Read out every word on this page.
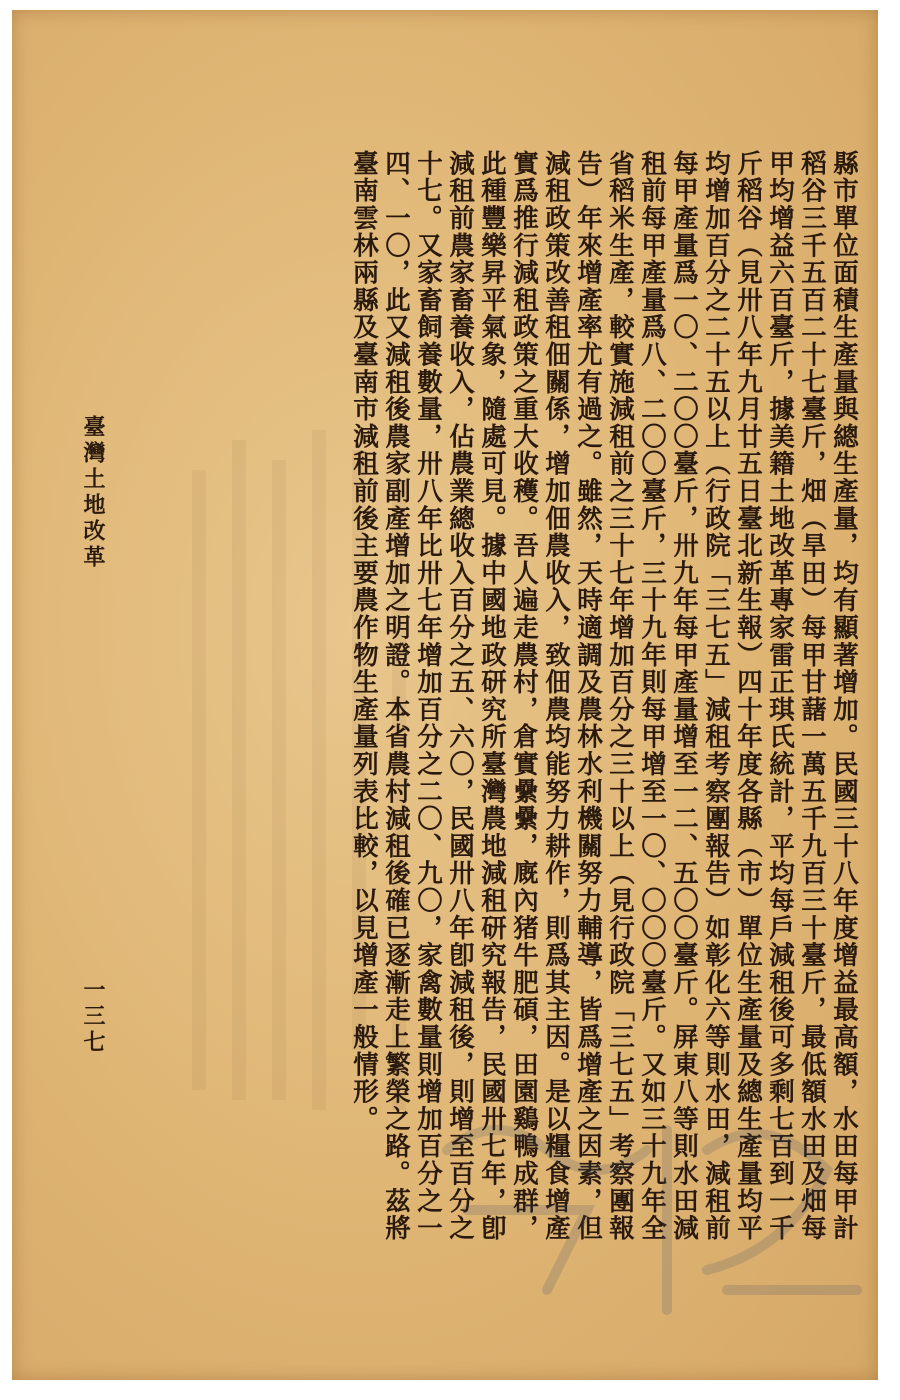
縣市單位面積生產量與總生產量，均有顯著增加。民國三十八年度增益最高額，水田每甲計稻谷三千五百二十七臺斤，畑（旱田）每甲甘藷一萬五千九百三十臺斤，最低額水田及畑每甲均增益六百臺斤，據美籍土地改革專家雷正琪氏統計，平均每戶減租後可多剩七百到一千斤稻谷（見卅八年九月廿五日臺北新生報）四十年度各縣（市）單位生產量及總生產量均平均增加百分之二十五以上（行政院「三七五」減租考察團報告）如彰化六等則水田，減租前每甲產量爲一〇、二〇〇臺斤，卅九年每甲產量增至一二、五〇〇臺斤。屏東八等則水田減租前每甲產量爲八、二〇〇臺斤，三十九年則每甲增至一〇、〇〇〇臺斤。又如三十九年全省稻米生產，較實施減租前之三十七年增加百分之三十以上（見行政院「三七五」考察團報告）年來增產率尤有過之。雖然，天時適調及農林水利機關努力輔導，皆爲增產之因素，但減租政策改善租佃關係，增加佃農收入，致佃農均能努力耕作，則爲其主因。是以糧食增產實爲推行減租政策之重大收穫。吾人遍走農村，倉實纍纍，廐內猪牛肥碩，田園鷄鴨成群，此種豐樂昇平氣象，隨處可見。據中國地政研究所臺灣農地減租研究報告，民國卅七年，卽減租前農家畜養收入，佔農業總收入百分之五、六〇，民國卅八年卽減租後，則增至百分之十七。又家畜飼養數量，卅八年比卅七年增加百分之二〇、九〇，家禽數量則增加百分之一四、一〇，此又減租後農家副產增加之明證。本省農村減租後確已逐漸走上繁榮之路。茲將臺南雲林兩縣及臺南市減租前後主要農作物生產量列表比較，以見增產一般情形。

臺灣土地改革
一三七
